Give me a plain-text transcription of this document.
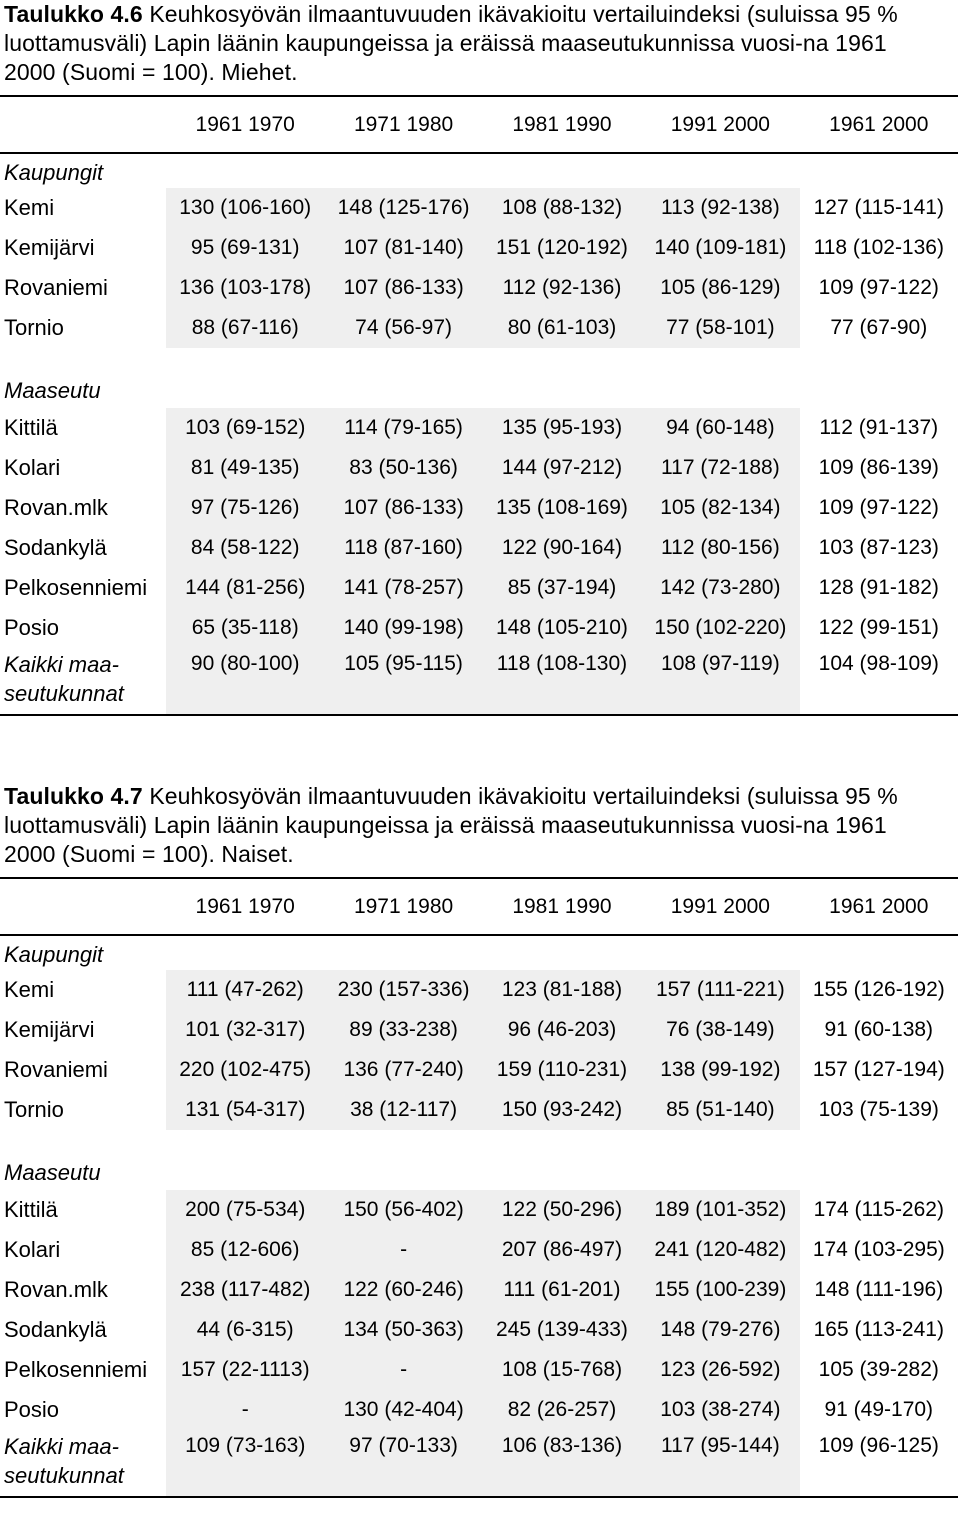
Taulukko 4.6 Keuhkosyövän ilmaantuvuuden ikävakioitu vertailuindeksi (suluissa 95 % luottamusväli) Lapin läänin kaupungeissa ja eräissä maaseutukunnissa vuosi-na 1961 2000 (Suomi = 100). Miehet.

	1961 1970	1971 1980	1981 1990	1991 2000	1961 2000
Kaupungit					
Kemi	130 (106-160)	148 (125-176)	108 (88-132)	113 (92-138)	127 (115-141)
Kemijärvi	95 (69-131)	107 (81-140)	151 (120-192)	140 (109-181)	118 (102-136)
Rovaniemi	136 (103-178)	107 (86-133)	112 (92-136)	105 (86-129)	109 (97-122)
Tornio	88 (67-116)	74 (56-97)	80 (61-103)	77 (58-101)	77 (67-90)
Maaseutu					
Kittilä	103 (69-152)	114 (79-165)	135 (95-193)	94 (60-148)	112 (91-137)
Kolari	81 (49-135)	83 (50-136)	144 (97-212)	117 (72-188)	109 (86-139)
Rovan.mlk	97 (75-126)	107 (86-133)	135 (108-169)	105 (82-134)	109 (97-122)
Sodankylä	84 (58-122)	118 (87-160)	122 (90-164)	112 (80-156)	103 (87-123)
Pelkosenniemi	144 (81-256)	141 (78-257)	85 (37-194)	142 (73-280)	128 (91-182)
Posio	65 (35-118)	140 (99-198)	148 (105-210)	150 (102-220)	122 (99-151)
Kaikki maa-seutukunnat	90 (80-100)	105 (95-115)	118 (108-130)	108 (97-119)	104 (98-109)

Taulukko 4.7 Keuhkosyövän ilmaantuvuuden ikävakioitu vertailuindeksi (suluissa 95 % luottamusväli) Lapin läänin kaupungeissa ja eräissä maaseutukunnissa vuosi-na 1961 2000 (Suomi = 100). Naiset.

	1961 1970	1971 1980	1981 1990	1991 2000	1961 2000
Kaupungit					
Kemi	111 (47-262)	230 (157-336)	123 (81-188)	157 (111-221)	155 (126-192)
Kemijärvi	101 (32-317)	89 (33-238)	96 (46-203)	76 (38-149)	91 (60-138)
Rovaniemi	220 (102-475)	136 (77-240)	159 (110-231)	138 (99-192)	157 (127-194)
Tornio	131 (54-317)	38 (12-117)	150 (93-242)	85 (51-140)	103 (75-139)
Maaseutu					
Kittilä	200 (75-534)	150 (56-402)	122 (50-296)	189 (101-352)	174 (115-262)
Kolari	85 (12-606)	-	207 (86-497)	241 (120-482)	174 (103-295)
Rovan.mlk	238 (117-482)	122 (60-246)	111 (61-201)	155 (100-239)	148 (111-196)
Sodankylä	44 (6-315)	134 (50-363)	245 (139-433)	148 (79-276)	165 (113-241)
Pelkosenniemi	157 (22-1113)	-	108 (15-768)	123 (26-592)	105 (39-282)
Posio	-	130 (42-404)	82 (26-257)	103 (38-274)	91 (49-170)
Kaikki maa-seutukunnat	109 (73-163)	97 (70-133)	106 (83-136)	117 (95-144)	109 (96-125)
